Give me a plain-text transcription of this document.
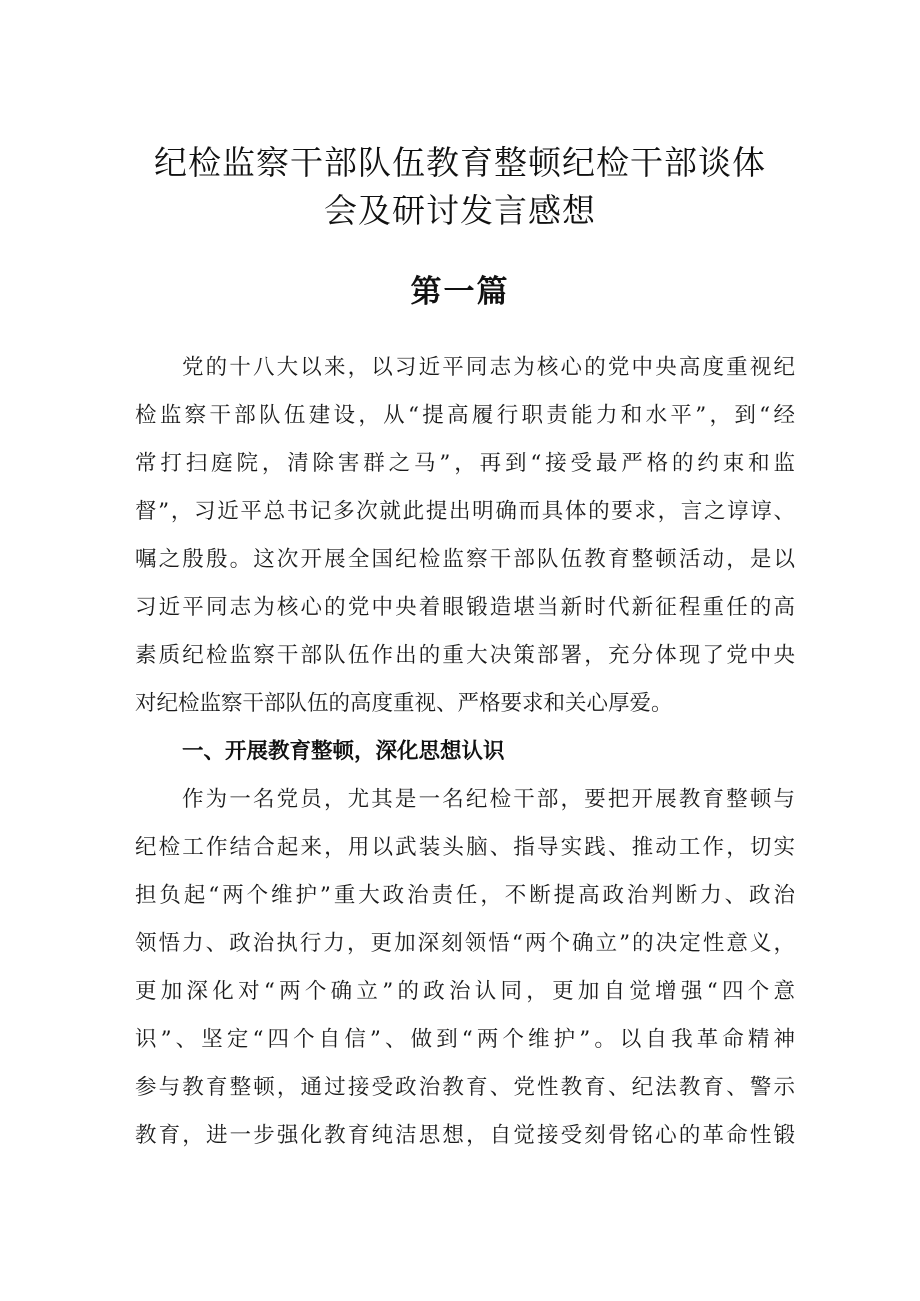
纪检监察干部队伍教育整顿纪检干部谈体
会及研讨发言感想
第一篇
党的十八大以来，以习近平同志为核心的党中央高度重视纪
检监察干部队伍建设，从“提高履行职责能力和水平”，到“经
常打扫庭院，清除害群之马”，再到“接受最严格的约束和监
督”，习近平总书记多次就此提出明确而具体的要求，言之谆谆、
嘱之殷殷。这次开展全国纪检监察干部队伍教育整顿活动，是以
习近平同志为核心的党中央着眼锻造堪当新时代新征程重任的高
素质纪检监察干部队伍作出的重大决策部署，充分体现了党中央
对纪检监察干部队伍的高度重视、严格要求和关心厚爱。
一、开展教育整顿，深化思想认识
作为一名党员，尤其是一名纪检干部，要把开展教育整顿与
纪检工作结合起来，用以武装头脑、指导实践、推动工作，切实
担负起“两个维护”重大政治责任，不断提高政治判断力、政治
领悟力、政治执行力，更加深刻领悟“两个确立”的决定性意义，
更加深化对“两个确立”的政治认同，更加自觉增强“四个意
识”、坚定“四个自信”、做到“两个维护”。以自我革命精神
参与教育整顿，通过接受政治教育、党性教育、纪法教育、警示
教育，进一步强化教育纯洁思想，自觉接受刻骨铭心的革命性锻
